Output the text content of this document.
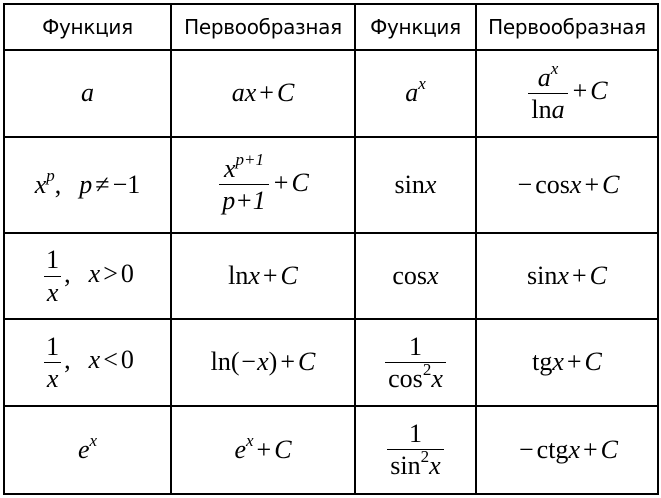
Функция	Первообразная	Функция	Первообразная
a	ax + C	$a^x$	$\frac{a^x}{\ln a} + C$
$x^p$, p ≠ −1	$\frac{x^{p+1}}{p+1} + C$	sinx	− cosx + C

$\frac{1}{x}$ , x > 0	lnx + C	cosx	sinx + C

$\frac{1}{x}$ , x < 0	ln(−x) + C	$\frac{1}{\cos^2x}$	tgx + C
$e^x$	$e^x + C$	$\frac{1}{\sin^2x}$	− ctgx + C
